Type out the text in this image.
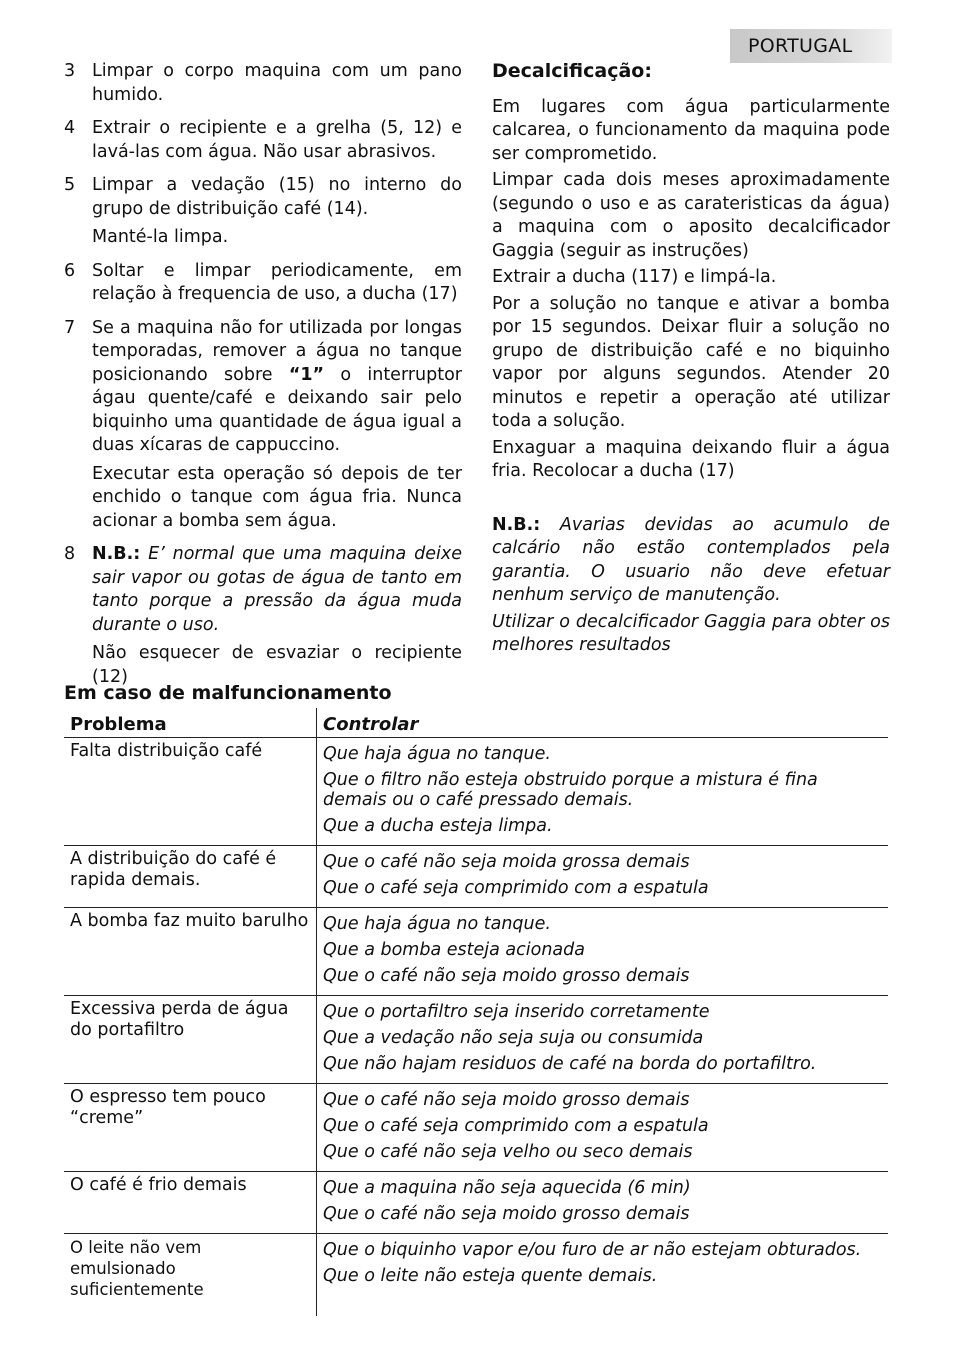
PORTUGAL
3 Limpar o corpo maquina com um pano humido.

4 Extrair o recipiente e a grelha (5, 12) e lavá-las com água. Não usar abrasivos.

5 Limpar a vedação (15) no interno do grupo de distribuição café (14).

Manté-la limpa.

6 Soltar e limpar periodicamente, em relação à frequencia de uso, a ducha (17)

7 Se a maquina não for utilizada por longas temporadas, remover a água no tanque posicionando sobre “1” o interruptor ágau quente/café e deixando sair pelo biquinho uma quantidade de água igual a duas xícaras de cappuccino.

Executar esta operação só depois de ter enchido o tanque com água fria. Nunca acionar a bomba sem água.

8 N.B.: E’ normal que uma maquina deixe sair vapor ou gotas de água de tanto em tanto porque a pressão da água muda durante o uso.

Não esquecer de esvaziar o recipiente (12)

Decalcificação:

Em lugares com água particularmente calcarea, o funcionamento da maquina pode ser comprometido.

Limpar cada dois meses aproximadamente (segundo o uso e as carateristicas da água) a maquina com o aposito decalcificador Gaggia (seguir as instruções)

Extrair a ducha (117) e limpá-la.

Por a solução no tanque e ativar a bomba por 15 segundos. Deixar fluir a solução no grupo de distribuição café e no biquinho vapor por alguns segundos. Atender 20 minutos e repetir a operação até utilizar toda a solução.

Enxaguar a maquina deixando fluir a água fria. Recolocar a ducha (17)

N.B.: Avarias devidas ao acumulo de calcário não estão contemplados pela garantia. O usuario não deve efetuar nenhum serviço de manutenção.

Utilizar o decalcificador Gaggia para obter os melhores resultados

Em caso de malfuncionamento
Problema	Controlar
Falta distribuição café	Que haja água no tanque.
Que o filtro não esteja obstruido porque a mistura é fina demais ou o café pressado demais.
Que a ducha esteja limpa.

A distribuição do café é rapida demais.	Que o café não seja moida grossa demais
Que o café seja comprimido com a espatula

A bomba faz muito barulho	Que haja água no tanque.
Que a bomba esteja acionada
Que o café não seja moido grosso demais

Excessiva perda de água do portafiltro	Que o portafiltro seja inserido corretamente
Que a vedação não seja suja ou consumida
Que não hajam residuos de café na borda do portafiltro.

O espresso tem pouco “creme”	Que o café não seja moido grosso demais
Que o café seja comprimido com a espatula
Que o café não seja velho ou seco demais

O café é frio demais	Que a maquina não seja aquecida (6 min)
Que o café não seja moido grosso demais

O leite não vem emulsionado suficientemente	Que o biquinho vapor e/ou furo de ar não estejam obturados.
Que o leite não esteja quente demais.
